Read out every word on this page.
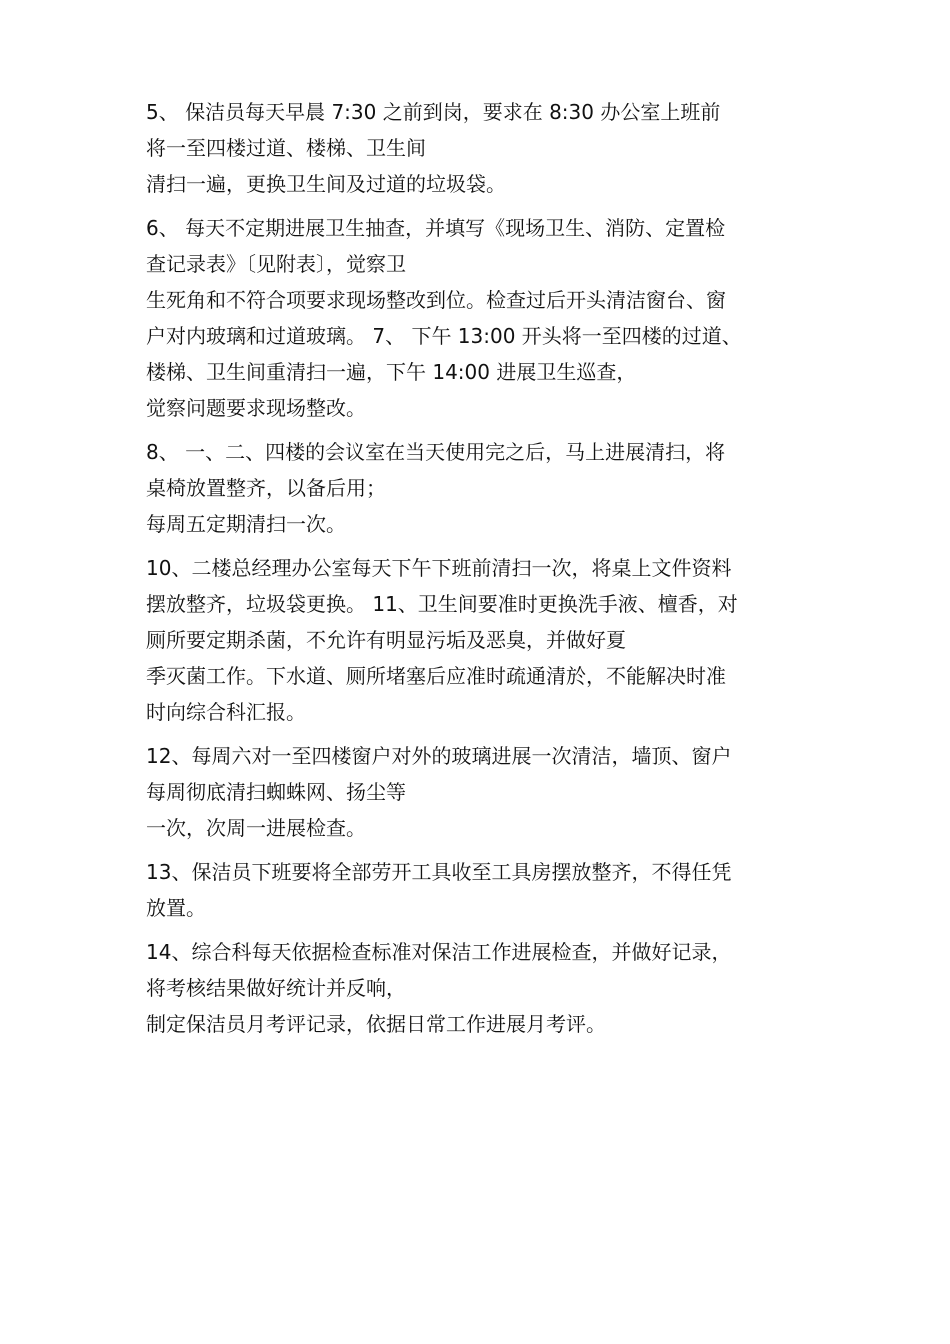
5、 保洁员每天早晨 7:30 之前到岗，要求在 8:30 办公室上班前
将一至四楼过道、楼梯、卫生间
清扫一遍，更换卫生间及过道的垃圾袋。
6、 每天不定期进展卫生抽查，并填写《现场卫生、消防、定置检
查记录表》〔见附表〕，觉察卫
生死角和不符合项要求现场整改到位。检查过后开头清洁窗台、窗
户对内玻璃和过道玻璃。 7、 下午 13:00 开头将一至四楼的过道、
楼梯、卫生间重清扫一遍，下午 14:00 进展卫生巡查，
觉察问题要求现场整改。
8、 一、二、四楼的会议室在当天使用完之后，马上进展清扫，将
桌椅放置整齐，以备后用；
每周五定期清扫一次。
10、二楼总经理办公室每天下午下班前清扫一次，将桌上文件资料
摆放整齐，垃圾袋更换。 11、卫生间要准时更换洗手液、檀香，对
厕所要定期杀菌，不允许有明显污垢及恶臭，并做好夏
季灭菌工作。下水道、厕所堵塞后应准时疏通清於，不能解决时准
时向综合科汇报。
12、每周六对一至四楼窗户对外的玻璃进展一次清洁，墙顶、窗户
每周彻底清扫蜘蛛网、扬尘等
一次，次周一进展检查。
13、保洁员下班要将全部劳开工具收至工具房摆放整齐，不得任凭
放置。
14、综合科每天依据检查标准对保洁工作进展检查，并做好记录，
将考核结果做好统计并反响，
制定保洁员月考评记录，依据日常工作进展月考评。
